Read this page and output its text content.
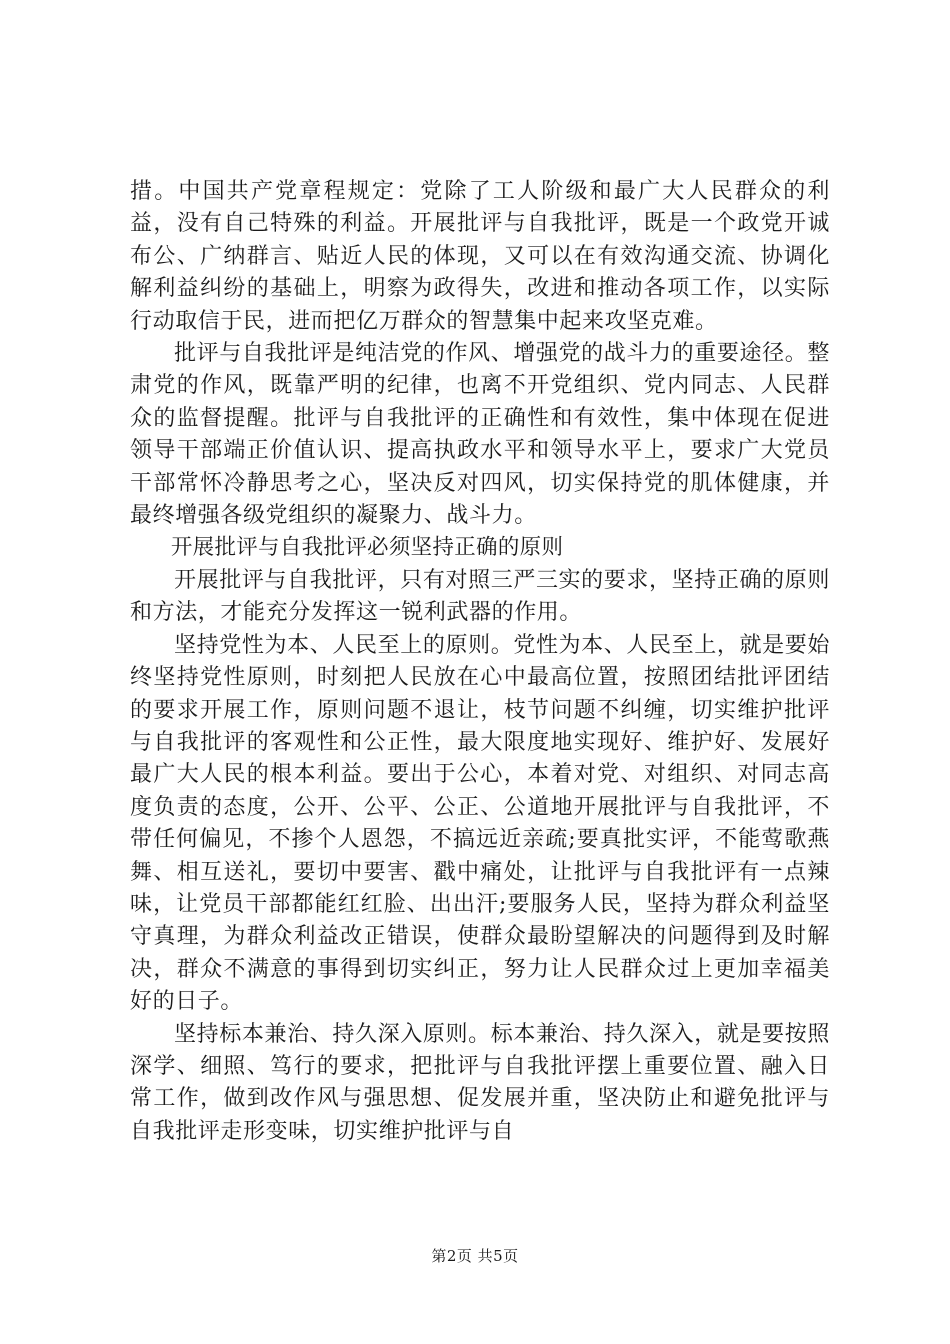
措。中国共产党章程规定：党除了工人阶级和最广大人民群众的利益，没有自己特殊的利益。开展批评与自我批评，既是一个政党开诚布公、广纳群言、贴近人民的体现，又可以在有效沟通交流、协调化解利益纠纷的基础上，明察为政得失，改进和推动各项工作，以实际行动取信于民，进而把亿万群众的智慧集中起来攻坚克难。

批评与自我批评是纯洁党的作风、增强党的战斗力的重要途径。整肃党的作风，既靠严明的纪律，也离不开党组织、党内同志、人民群众的监督提醒。批评与自我批评的正确性和有效性，集中体现在促进领导干部端正价值认识、提高执政水平和领导水平上，要求广大党员干部常怀冷静思考之心，坚决反对四风，切实保持党的肌体健康，并最终增强各级党组织的凝聚力、战斗力。

开展批评与自我批评必须坚持正确的原则

开展批评与自我批评，只有对照三严三实的要求，坚持正确的原则和方法，才能充分发挥这一锐利武器的作用。

坚持党性为本、人民至上的原则。党性为本、人民至上，就是要始终坚持党性原则，时刻把人民放在心中最高位置，按照团结批评团结的要求开展工作，原则问题不退让，枝节问题不纠缠，切实维护批评与自我批评的客观性和公正性，最大限度地实现好、维护好、发展好最广大人民的根本利益。要出于公心，本着对党、对组织、对同志高度负责的态度，公开、公平、公正、公道地开展批评与自我批评，不带任何偏见，不掺个人恩怨，不搞远近亲疏;要真批实评，不能莺歌燕舞、相互送礼，要切中要害、戳中痛处，让批评与自我批评有一点辣味，让党员干部都能红红脸、出出汗;要服务人民，坚持为群众利益坚守真理，为群众利益改正错误，使群众最盼望解决的问题得到及时解决，群众不满意的事得到切实纠正，努力让人民群众过上更加幸福美好的日子。

坚持标本兼治、持久深入原则。标本兼治、持久深入，就是要按照深学、细照、笃行的要求，把批评与自我批评摆上重要位置、融入日常工作，做到改作风与强思想、促发展并重，坚决防止和避免批评与自我批评走形变味，切实维护批评与自

第2页 共5页
